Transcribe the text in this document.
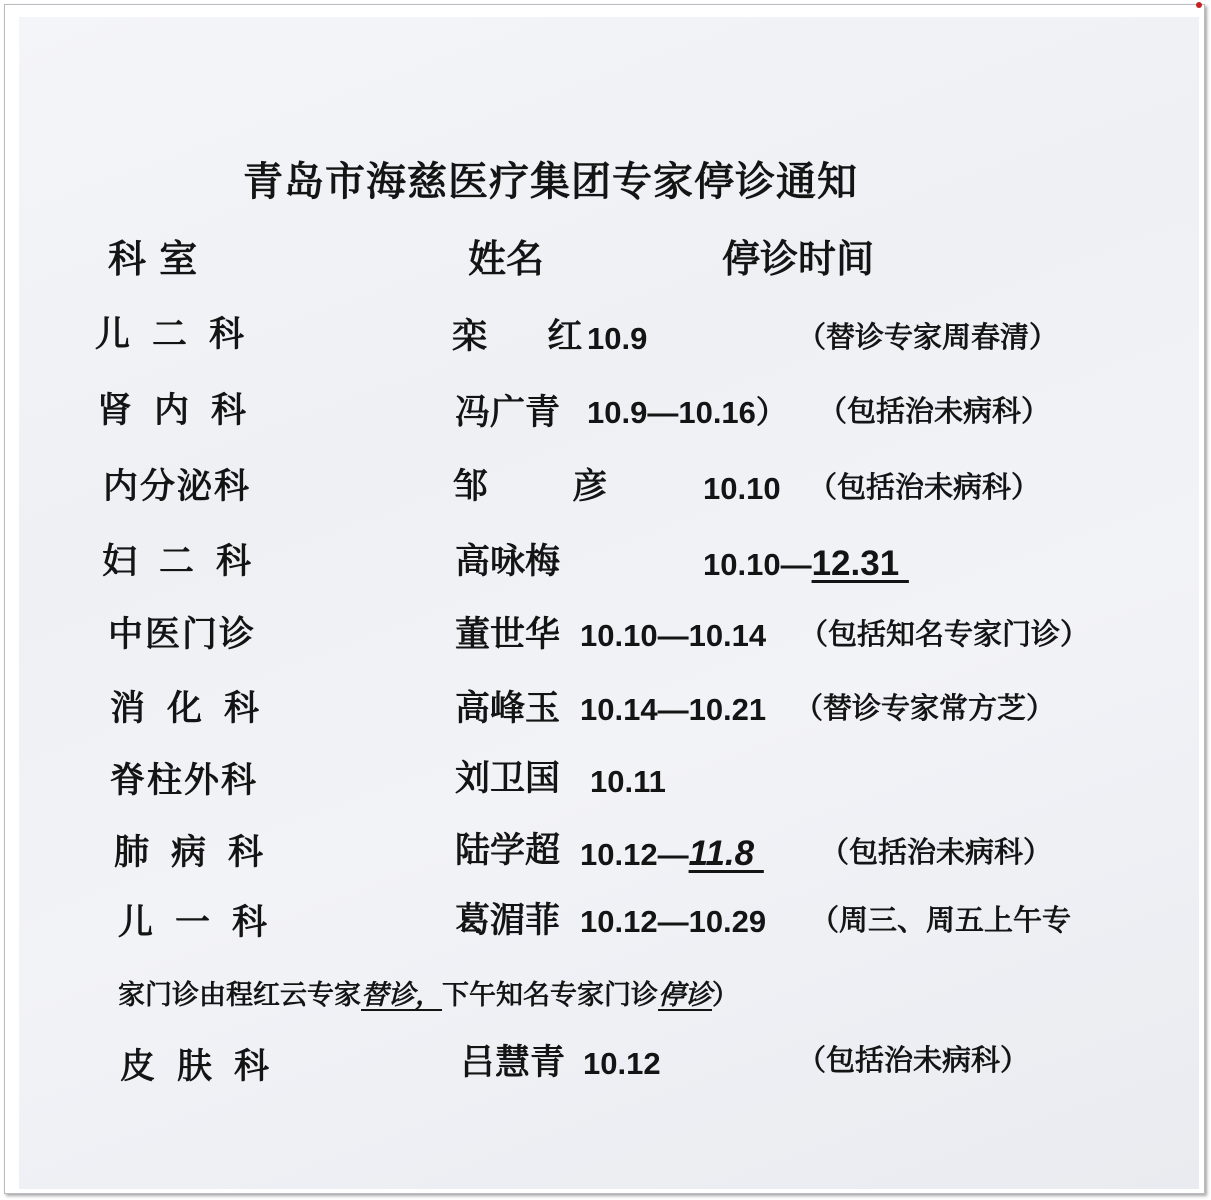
青岛市海慈医疗集团专家停诊通知
科 室	姓名	停诊时间
儿二科	栾  红 10.9	（替诊专家周春清）
肾内科	冯广青 10.9—10.16） （包括治未病科）
内分泌科	邹  彦	10.10 （包括治未病科）
妇二科	高咏梅	10.10—12.31
中医门诊	董世华 10.10—10.14 （包括知名专家门诊）
消化科	高峰玉 10.14—10.21 （替诊专家常方芝）
脊柱外科	刘卫国 10.11
肺病科	陆学超 10.12—11.8 （包括治未病科）
儿一科	葛湄菲 10.12—10.29 （周三、周五上午专
家门诊由程红云专家替诊，下午知名专家门诊停诊）
皮肤科	吕慧青 10.12	（包括治未病科）
